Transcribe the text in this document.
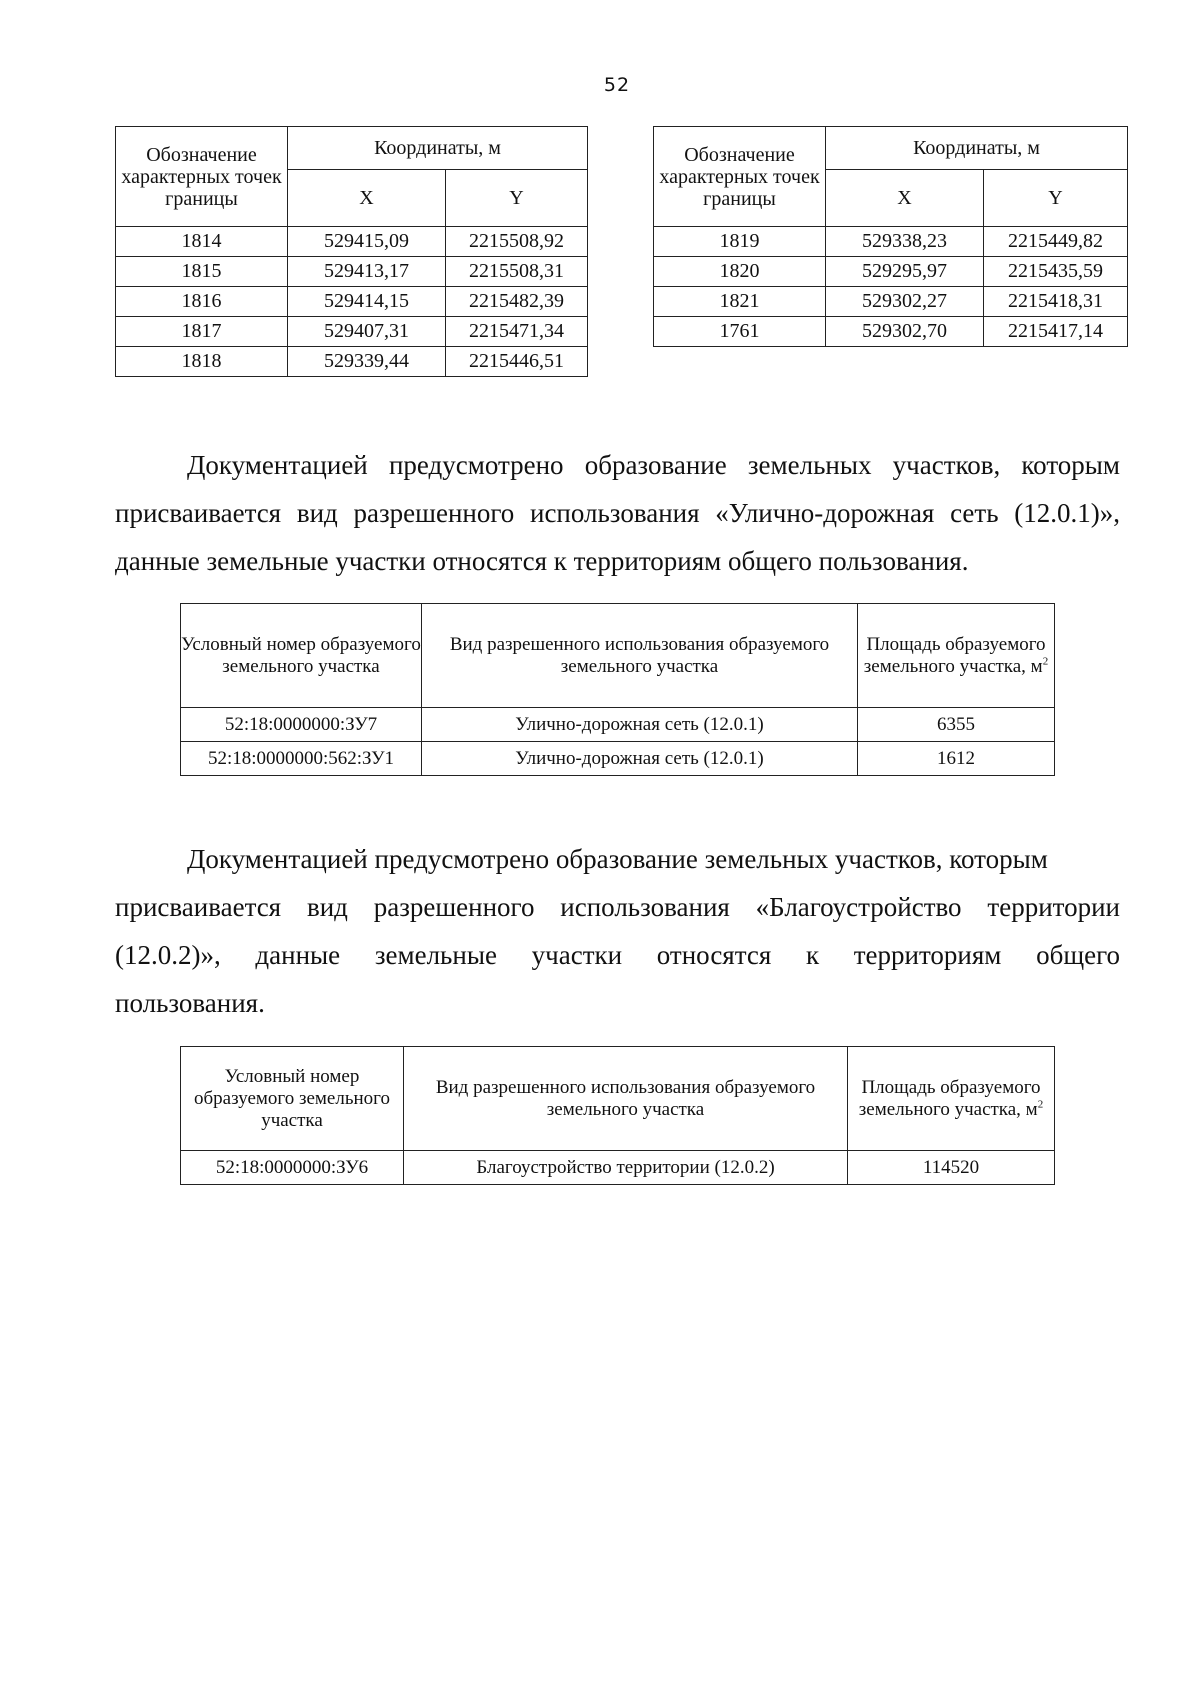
52
Обозначение характерных точек границы	Координаты, м	
	X	Y
1814	529415,09	2215508,92
1815	529413,17	2215508,31
1816	529414,15	2215482,39
1817	529407,31	2215471,34
1818	529339,44	2215446,51
Обозначение характерных точек границы	Координаты, м	
	X	Y
1819	529338,23	2215449,82
1820	529295,97	2215435,59
1821	529302,27	2215418,31
1761	529302,70	2215417,14

Документацией предусмотрено образование земельных участков, которым присваивается вид разрешенного использования «Улично-дорожная сеть (12.0.1)», данные земельные участки относятся к территориям общего пользования.

Условный номер образуемого земельного участка	Вид разрешенного использования образуемого земельного участка	Площадь образуемого земельного участка, $м^2$
52:18:0000000:ЗУ7	Улично-дорожная сеть (12.0.1)	6355
52:18:0000000:562:ЗУ1	Улично-дорожная сеть (12.0.1)	1612
Документацией предусмотрено образование земельных участков, которым
присваивается вид разрешенного использования «Благоустройство территории
(12.0.2)», данные земельные участки относятся к территориям общего
пользования.
Условный номер образуемого земельного участка	Вид разрешенного использования образуемого земельного участка	Площадь образуемого земельного участка, $м^2$
52:18:0000000:ЗУ6	Благоустройство территории (12.0.2)	114520
